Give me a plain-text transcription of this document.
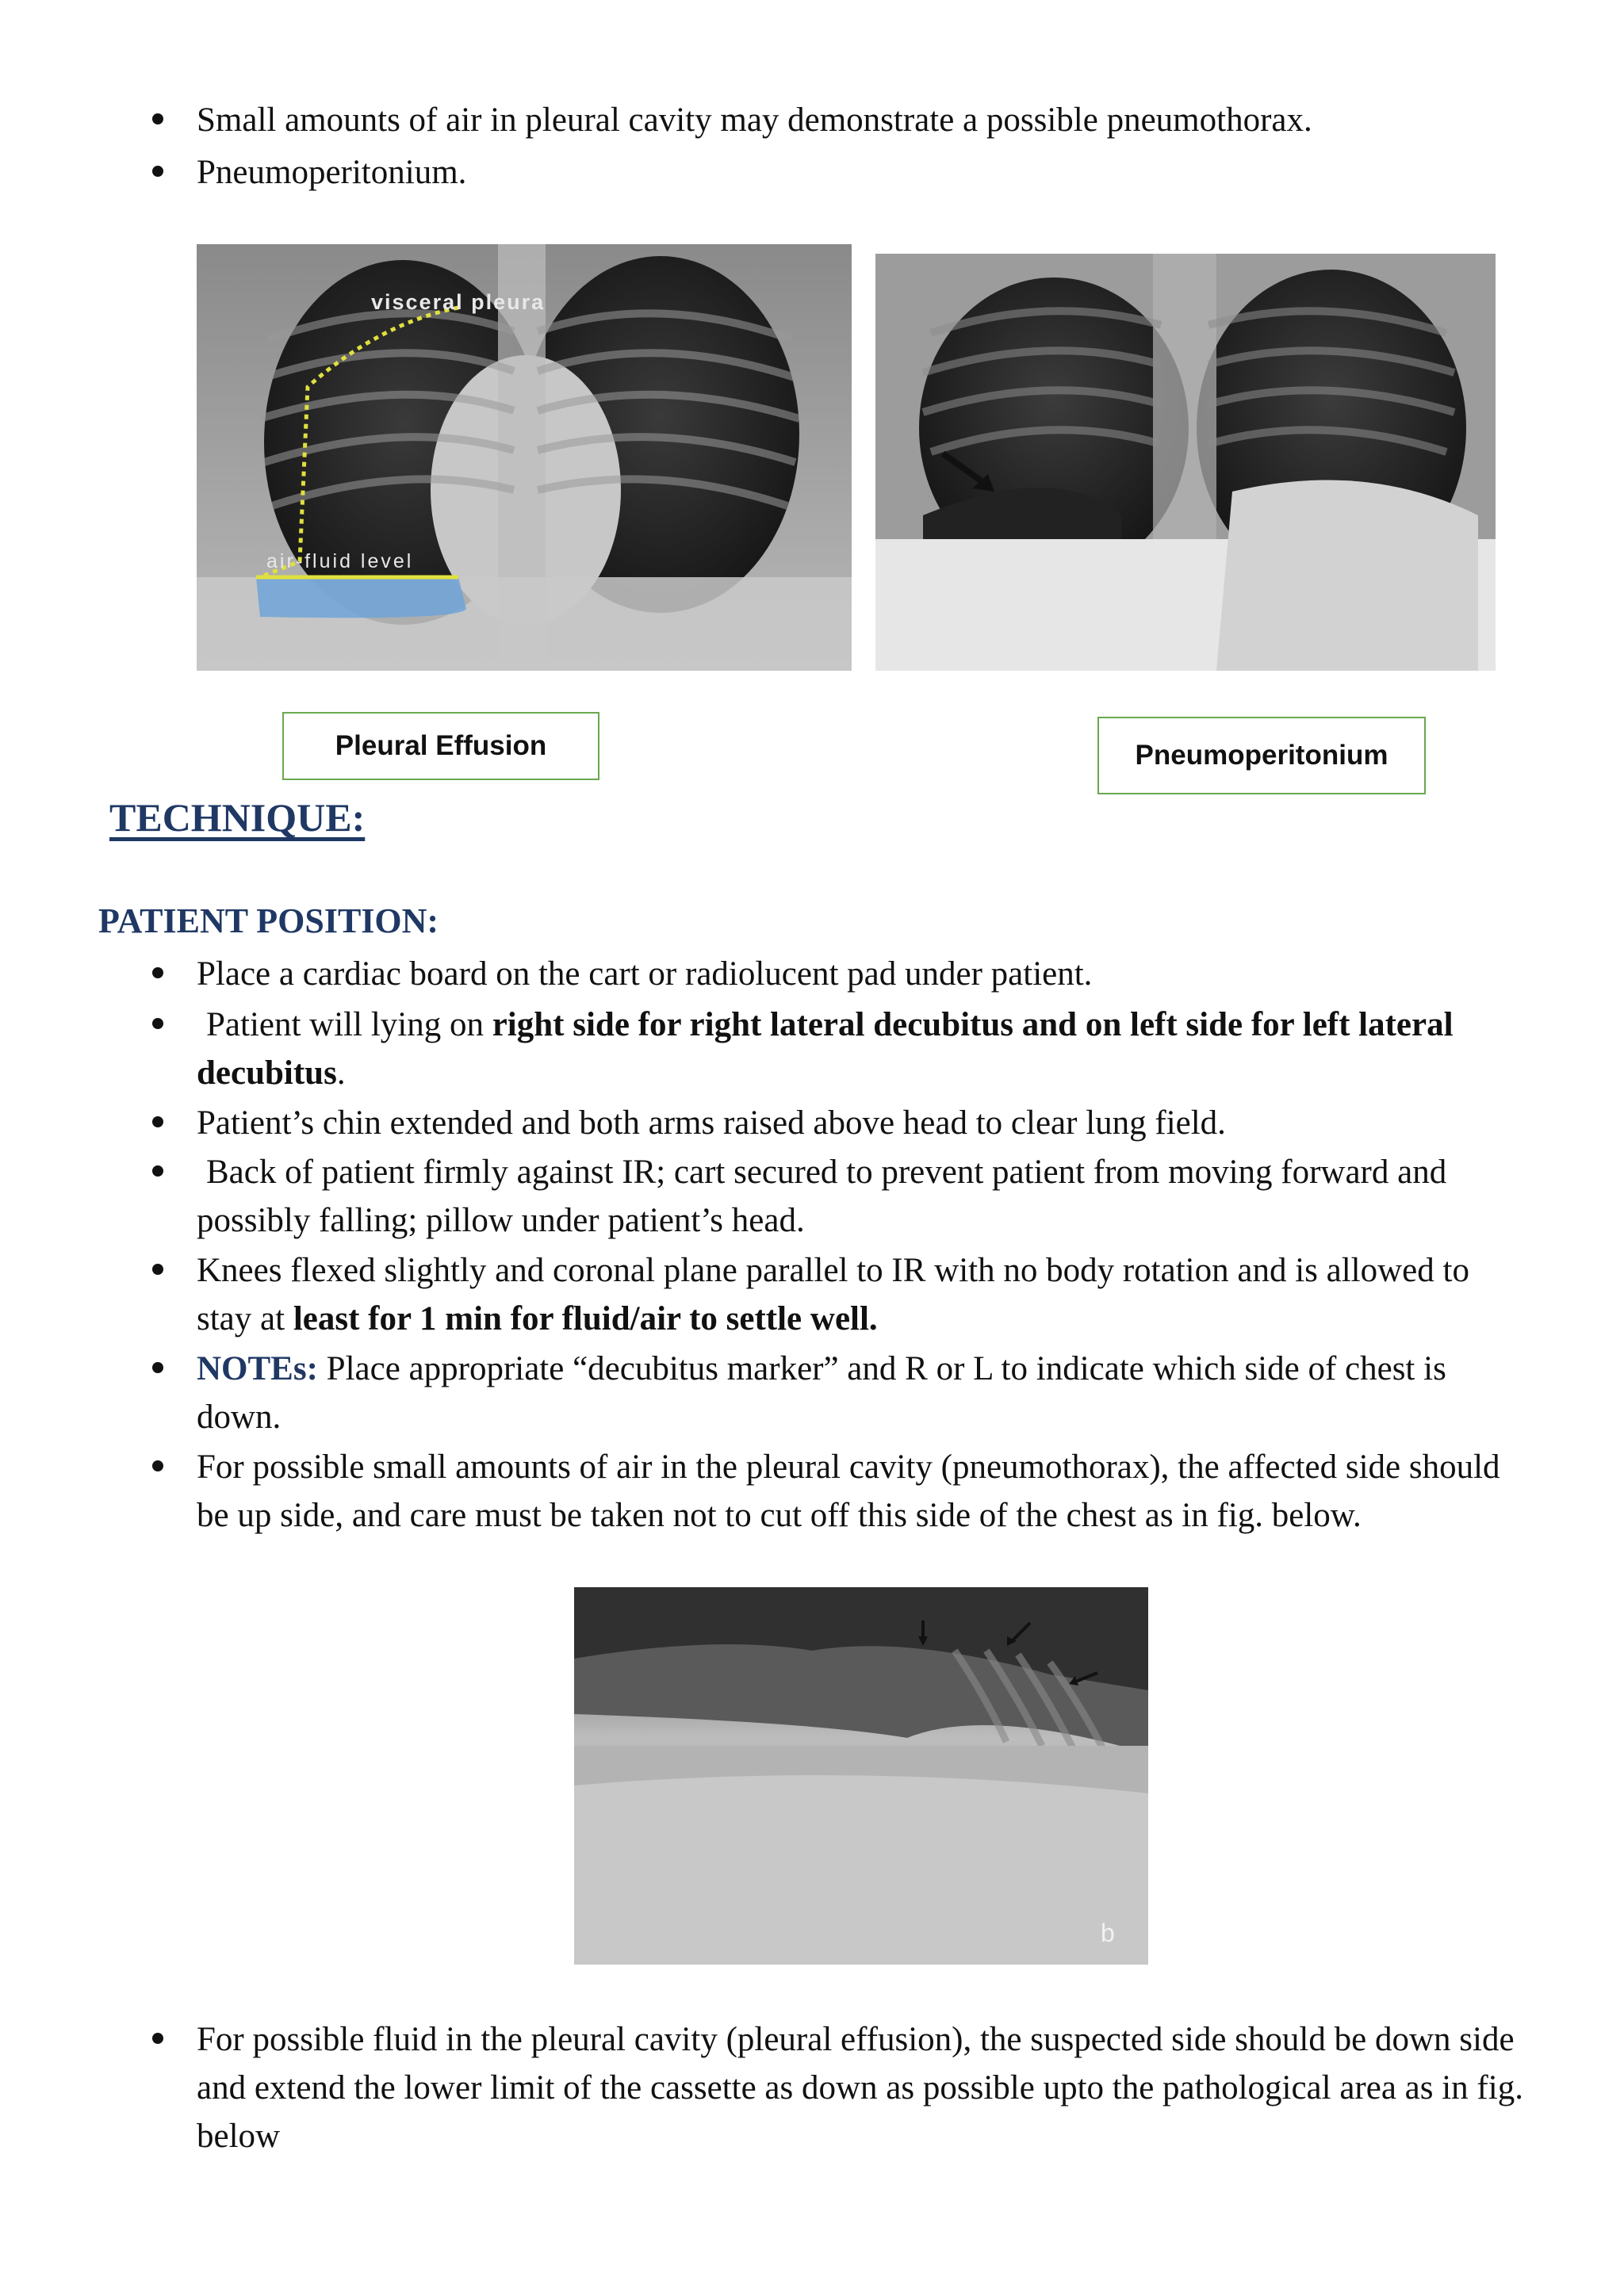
Small amounts of air in pleural cavity may demonstrate a possible pneumothorax.
Pneumoperitonium.
visceral pleura
air-fluid level
Pleural Effusion	Pneumoperitonium
TECHNIQUE:
PATIENT POSITION:
Place a cardiac board on the cart or radiolucent pad under patient.
Patient will lying on right side for right lateral decubitus and on left side for left lateral decubitus.
Patient’s chin extended and both arms raised above head to clear lung field.
Back of patient firmly against IR; cart secured to prevent patient from moving forward and possibly falling; pillow under patient’s head.
Knees flexed slightly and coronal plane parallel to IR with no body rotation and is allowed to stay at least for 1 min for fluid/air to settle well.
NOTEs: Place appropriate “decubitus marker” and R or L to indicate which side of chest is down.
For possible small amounts of air in the pleural cavity (pneumothorax), the affected side should be up side, and care must be taken not to cut off this side of the chest as in fig. below.
b
For possible fluid in the pleural cavity (pleural effusion), the suspected side should be down side and extend the lower limit of the cassette as down as possible upto the pathological area as in fig. below
